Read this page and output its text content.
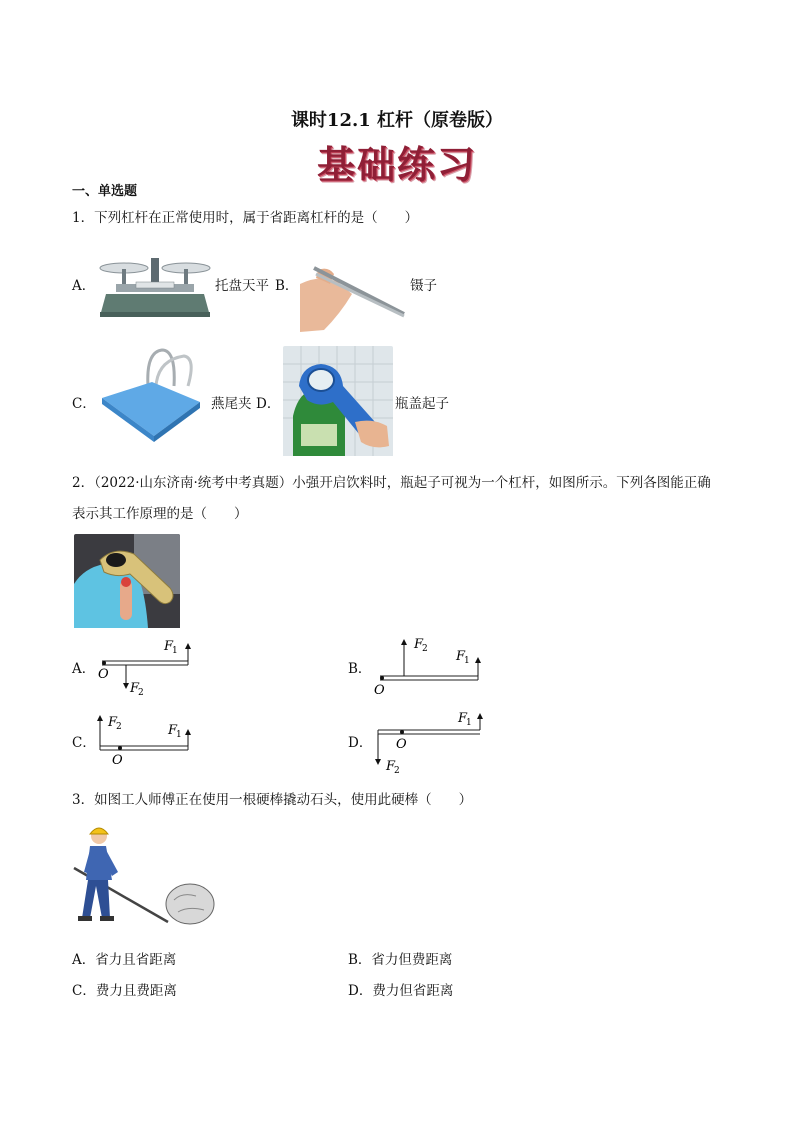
课时12.1 杠杆（原卷版）
基础练习
一、单选题
1．下列杠杆在正常使用时，属于省距离杠杆的是（　　）
A．	托盘天平 B．	镊子
C．	燕尾夹 D．	瓶盖起子
2．（2022·山东济南·统考中考真题）小强开启饮料时，瓶起子可视为一个杠杆，如图所示。下列各图能正确
表示其工作原理的是（　　）
A． O
F
1
F
2
B．
O
F
2 F
1
C．
O
F
2	F
1	D． O
F
2
F
1
3．如图工人师傅正在使用一根硬棒撬动石头，使用此硬棒（　　）
A．省力且省距离	B．省力但费距离
C．费力且费距离	D．费力但省距离
